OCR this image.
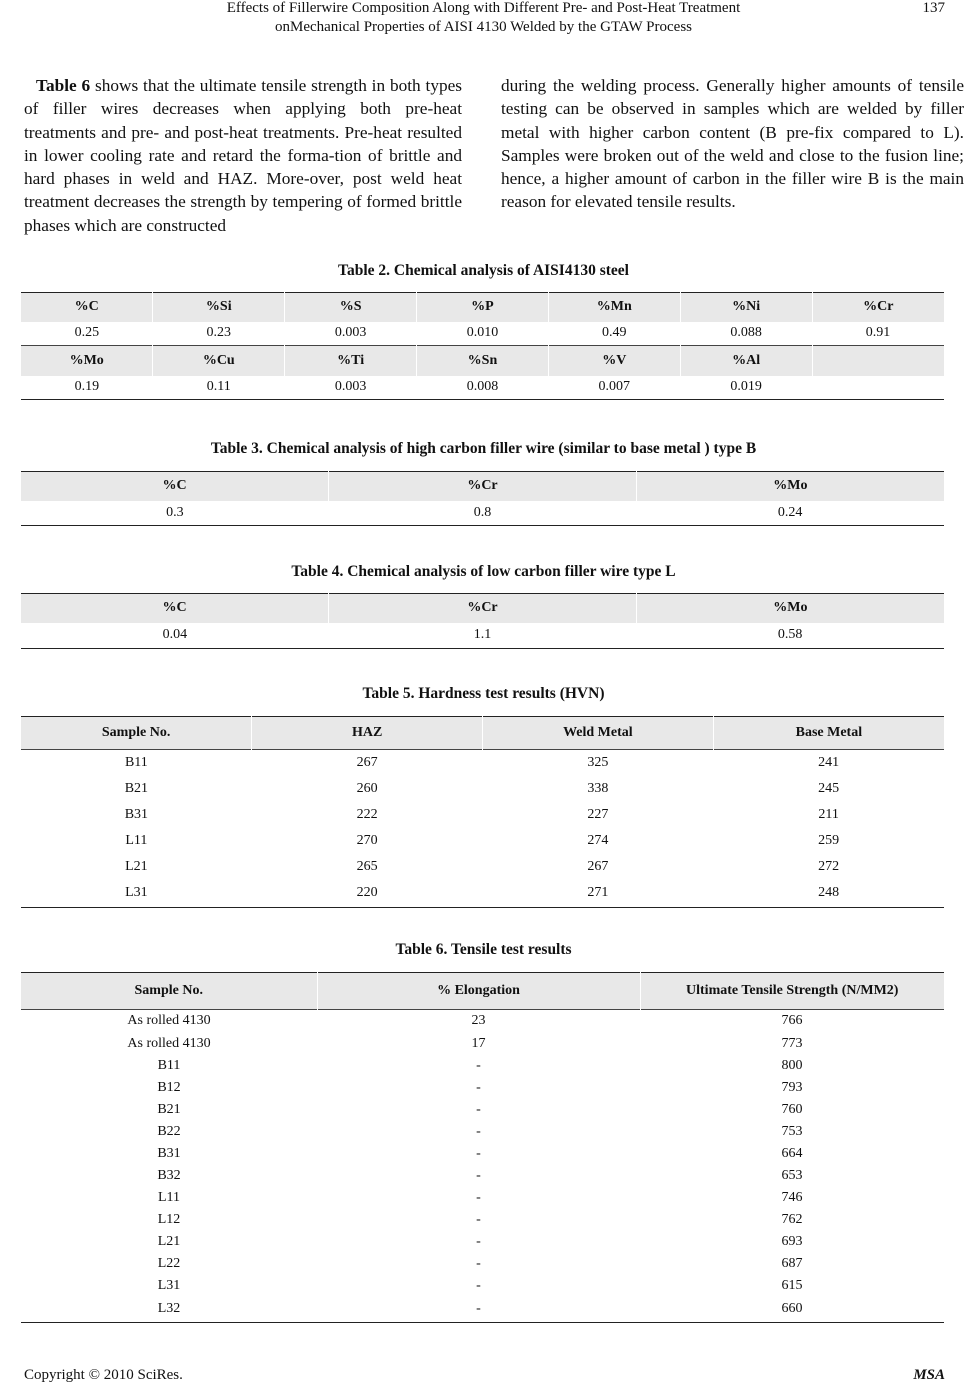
Effects of Fillerwire Composition Along with Different Pre- and Post-Heat Treatment
onMechanical Properties of AISI 4130 Welded by the GTAW Process
137
Table 6 shows that the ultimate tensile strength in both types of filler wires decreases when applying both pre-heat treatments and pre- and post-heat treatments. Pre-heat resulted in lower cooling rate and retard the forma-tion of brittle and hard phases in weld and HAZ. More-over, post weld heat treatment decreases the strength by tempering of formed brittle phases which are constructed
during the welding process. Generally higher amounts of tensile testing can be observed in samples which are welded by filler metal with higher carbon content (B pre-fix compared to L). Samples were broken out of the weld and close to the fusion line; hence, a higher amount of carbon in the filler wire B is the main reason for elevated tensile results.
Table 2. Chemical analysis of AISI4130 steel
%C	%Si	%S	%P	%Mn	%Ni	%Cr
0.25	0.23	0.003	0.010	0.49	0.088	0.91
%Mo	%Cu	%Ti	%Sn	%V	%Al	
0.19	0.11	0.003	0.008	0.007	0.019	
Table 3. Chemical analysis of high carbon filler wire (similar to base metal ) type B
%C	%Cr	%Mo
0.3	0.8	0.24
Table 4. Chemical analysis of low carbon filler wire type L
%C	%Cr	%Mo
0.04	1.1	0.58
Table 5. Hardness test results (HVN)
Sample No.	HAZ	Weld Metal	Base Metal
B11	267	325	241
B21	260	338	245
B31	222	227	211
L11	270	274	259
L21	265	267	272
L31	220	271	248
Table 6. Tensile test results
Sample No.	% Elongation	Ultimate Tensile Strength (N/MM2)
As rolled 4130	23	766
As rolled 4130	17	773
B11	-	800
B12	-	793
B21	-	760
B22	-	753
B31	-	664
B32	-	653
L11	-	746
L12	-	762
L21	-	693
L22	-	687
L31	-	615
L32	-	660
Copyright © 2010 SciRes.	MSA
